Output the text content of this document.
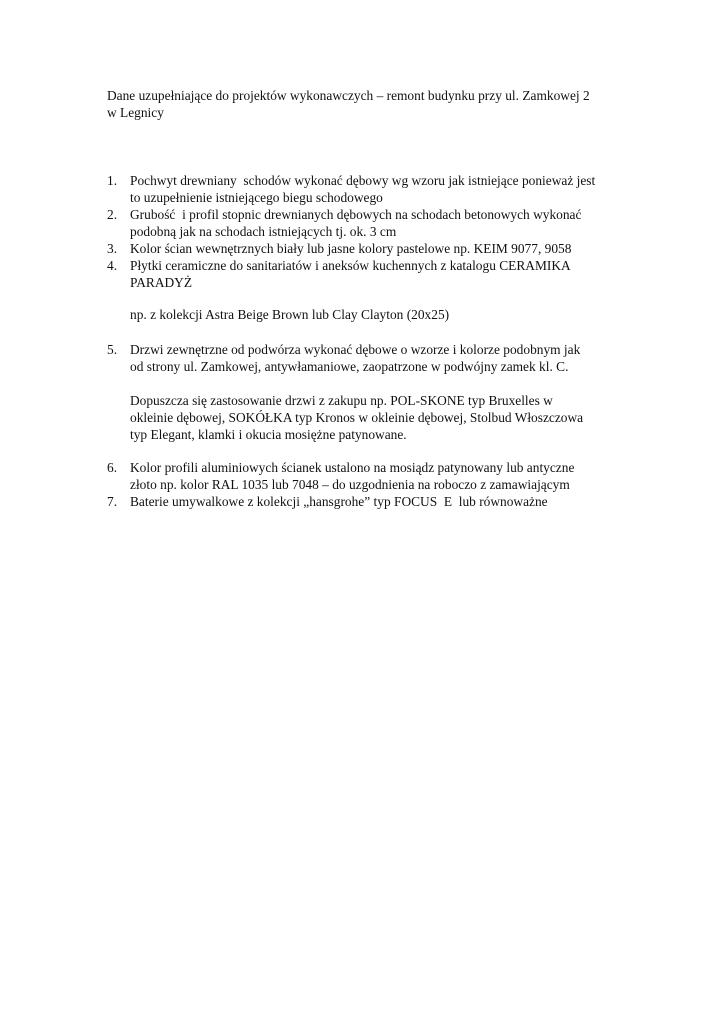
Dane uzupełniające do projektów wykonawczych – remont budynku przy ul. Zamkowej 2
w Legnicy
1. Pochwyt drewniany  schodów wykonać dębowy wg wzoru jak istniejące ponieważ jest
to uzupełnienie istniejącego biegu schodowego
2. Grubość  i profil stopnic drewnianych dębowych na schodach betonowych wykonać
podobną jak na schodach istniejących tj. ok. 3 cm
3. Kolor ścian wewnętrznych biały lub jasne kolory pastelowe np. KEIM 9077, 9058
4. Płytki ceramiczne do sanitariatów i aneksów kuchennych z katalogu CERAMIKA
PARADYŻ
np. z kolekcji Astra Beige Brown lub Clay Clayton (20x25)
5. Drzwi zewnętrzne od podwórza wykonać dębowe o wzorze i kolorze podobnym jak
od strony ul. Zamkowej, antywłamaniowe, zaopatrzone w podwójny zamek kl. C.
Dopuszcza się zastosowanie drzwi z zakupu np. POL-SKONE typ Bruxelles w
okleinie dębowej, SOKÓŁKA typ Kronos w okleinie dębowej, Stolbud Włoszczowa
typ Elegant, klamki i okucia mosiężne patynowane.
6. Kolor profili aluminiowych ścianek ustalono na mosiądz patynowany lub antyczne
złoto np. kolor RAL 1035 lub 7048 – do uzgodnienia na roboczo z zamawiającym
7. Baterie umywalkowe z kolekcji „hansgrohe” typ FOCUS  E  lub równoważne
